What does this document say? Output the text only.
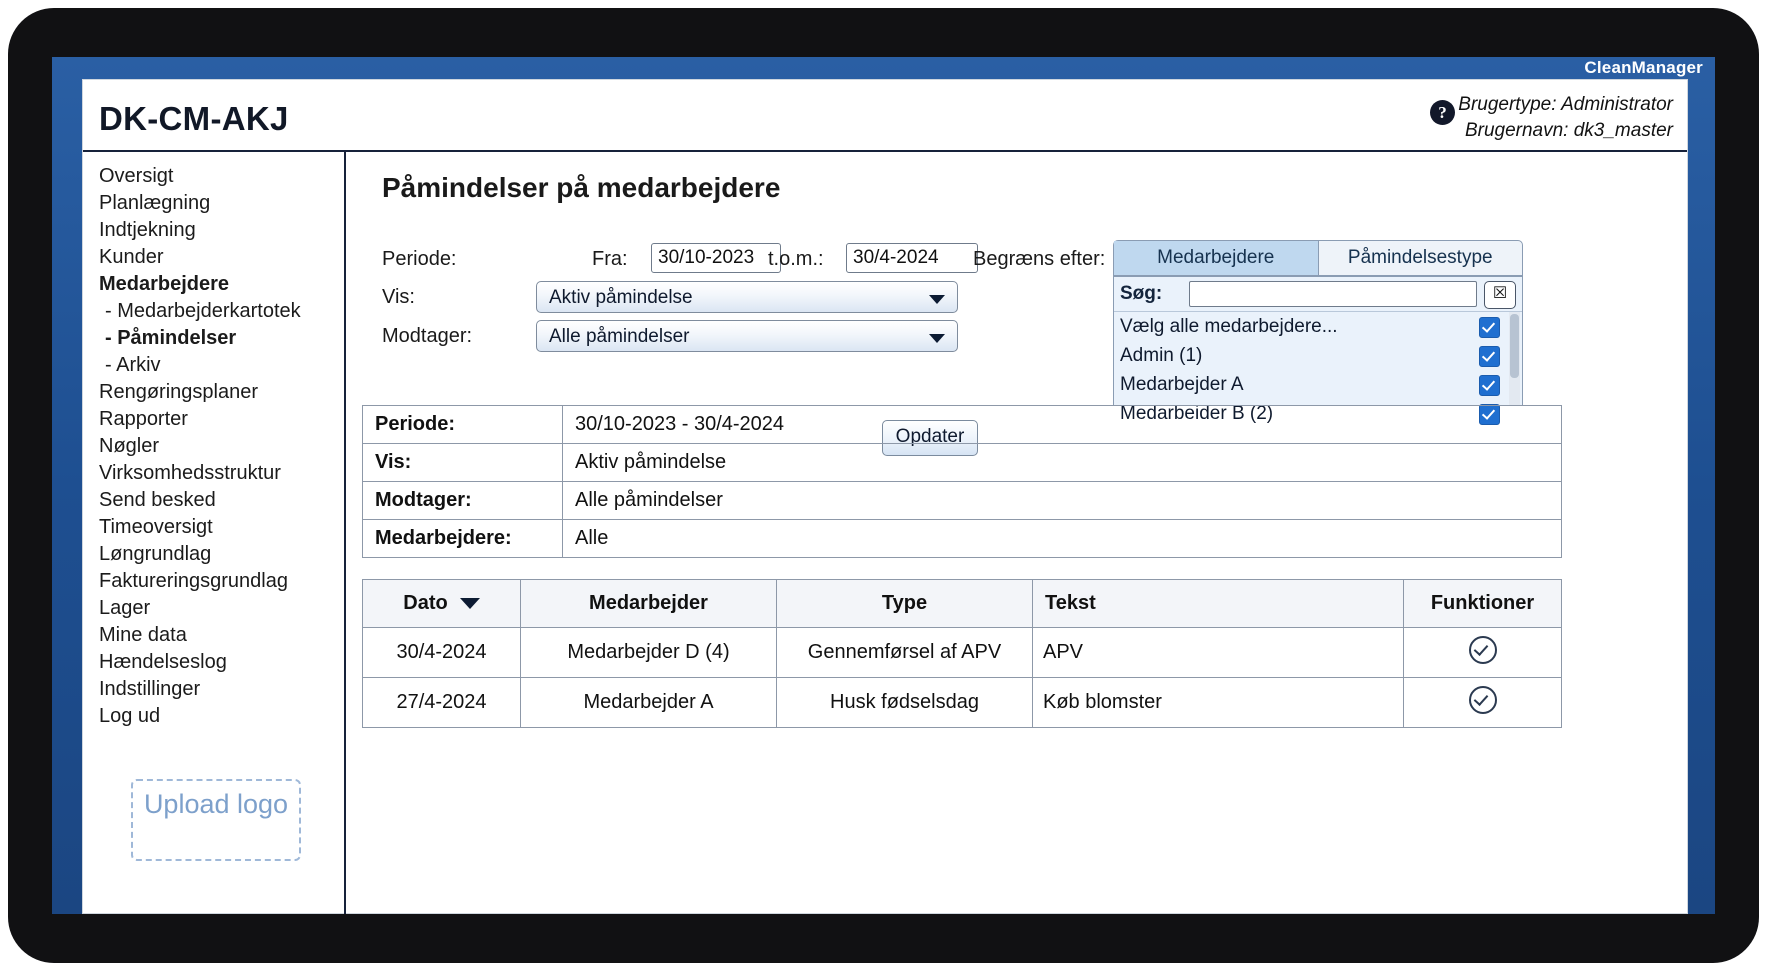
CleanManager
DK-CM-AKJ	? Brugertype: Administrator
Brugernavn: dk3_master
Oversigt
Planlægning
Indtjekning
Kunder
Medarbejdere
- Medarbejderkartotek
- Påmindelser
- Arkiv
Rengøringsplaner
Rapporter
Nøgler
Virksomhedsstruktur
Send besked
Timeoversigt
Løngrundlag
Faktureringsgrundlag
Lager
Mine data
Hændelseslog
Indstillinger
Log ud
Upload logo
Påmindelser på medarbejdere
Periode:	Fra:
30/10-2023	t.o.m.:
30/4-2024
Vis:	Aktiv påmindelse
Modtager:	Alle påmindelser
Begræns efter:	Medarbejdere	Påmindelsestype
Søg:	☒
Vælg alle medarbejdere...
Admin (1)
Medarbejder A
Medarbeider B (2)
Opdater
Periode:	30/10-2023 - 30/4-2024
Vis:	Aktiv påmindelse
Modtager:	Alle påmindelser
Medarbejdere:	Alle
Dato	Medarbejder	Type	Tekst	Funktioner
30/4-2024	Medarbejder D (4)	Gennemførsel af APV	APV	
27/4-2024	Medarbejder A	Husk fødselsdag	Køb blomster	
